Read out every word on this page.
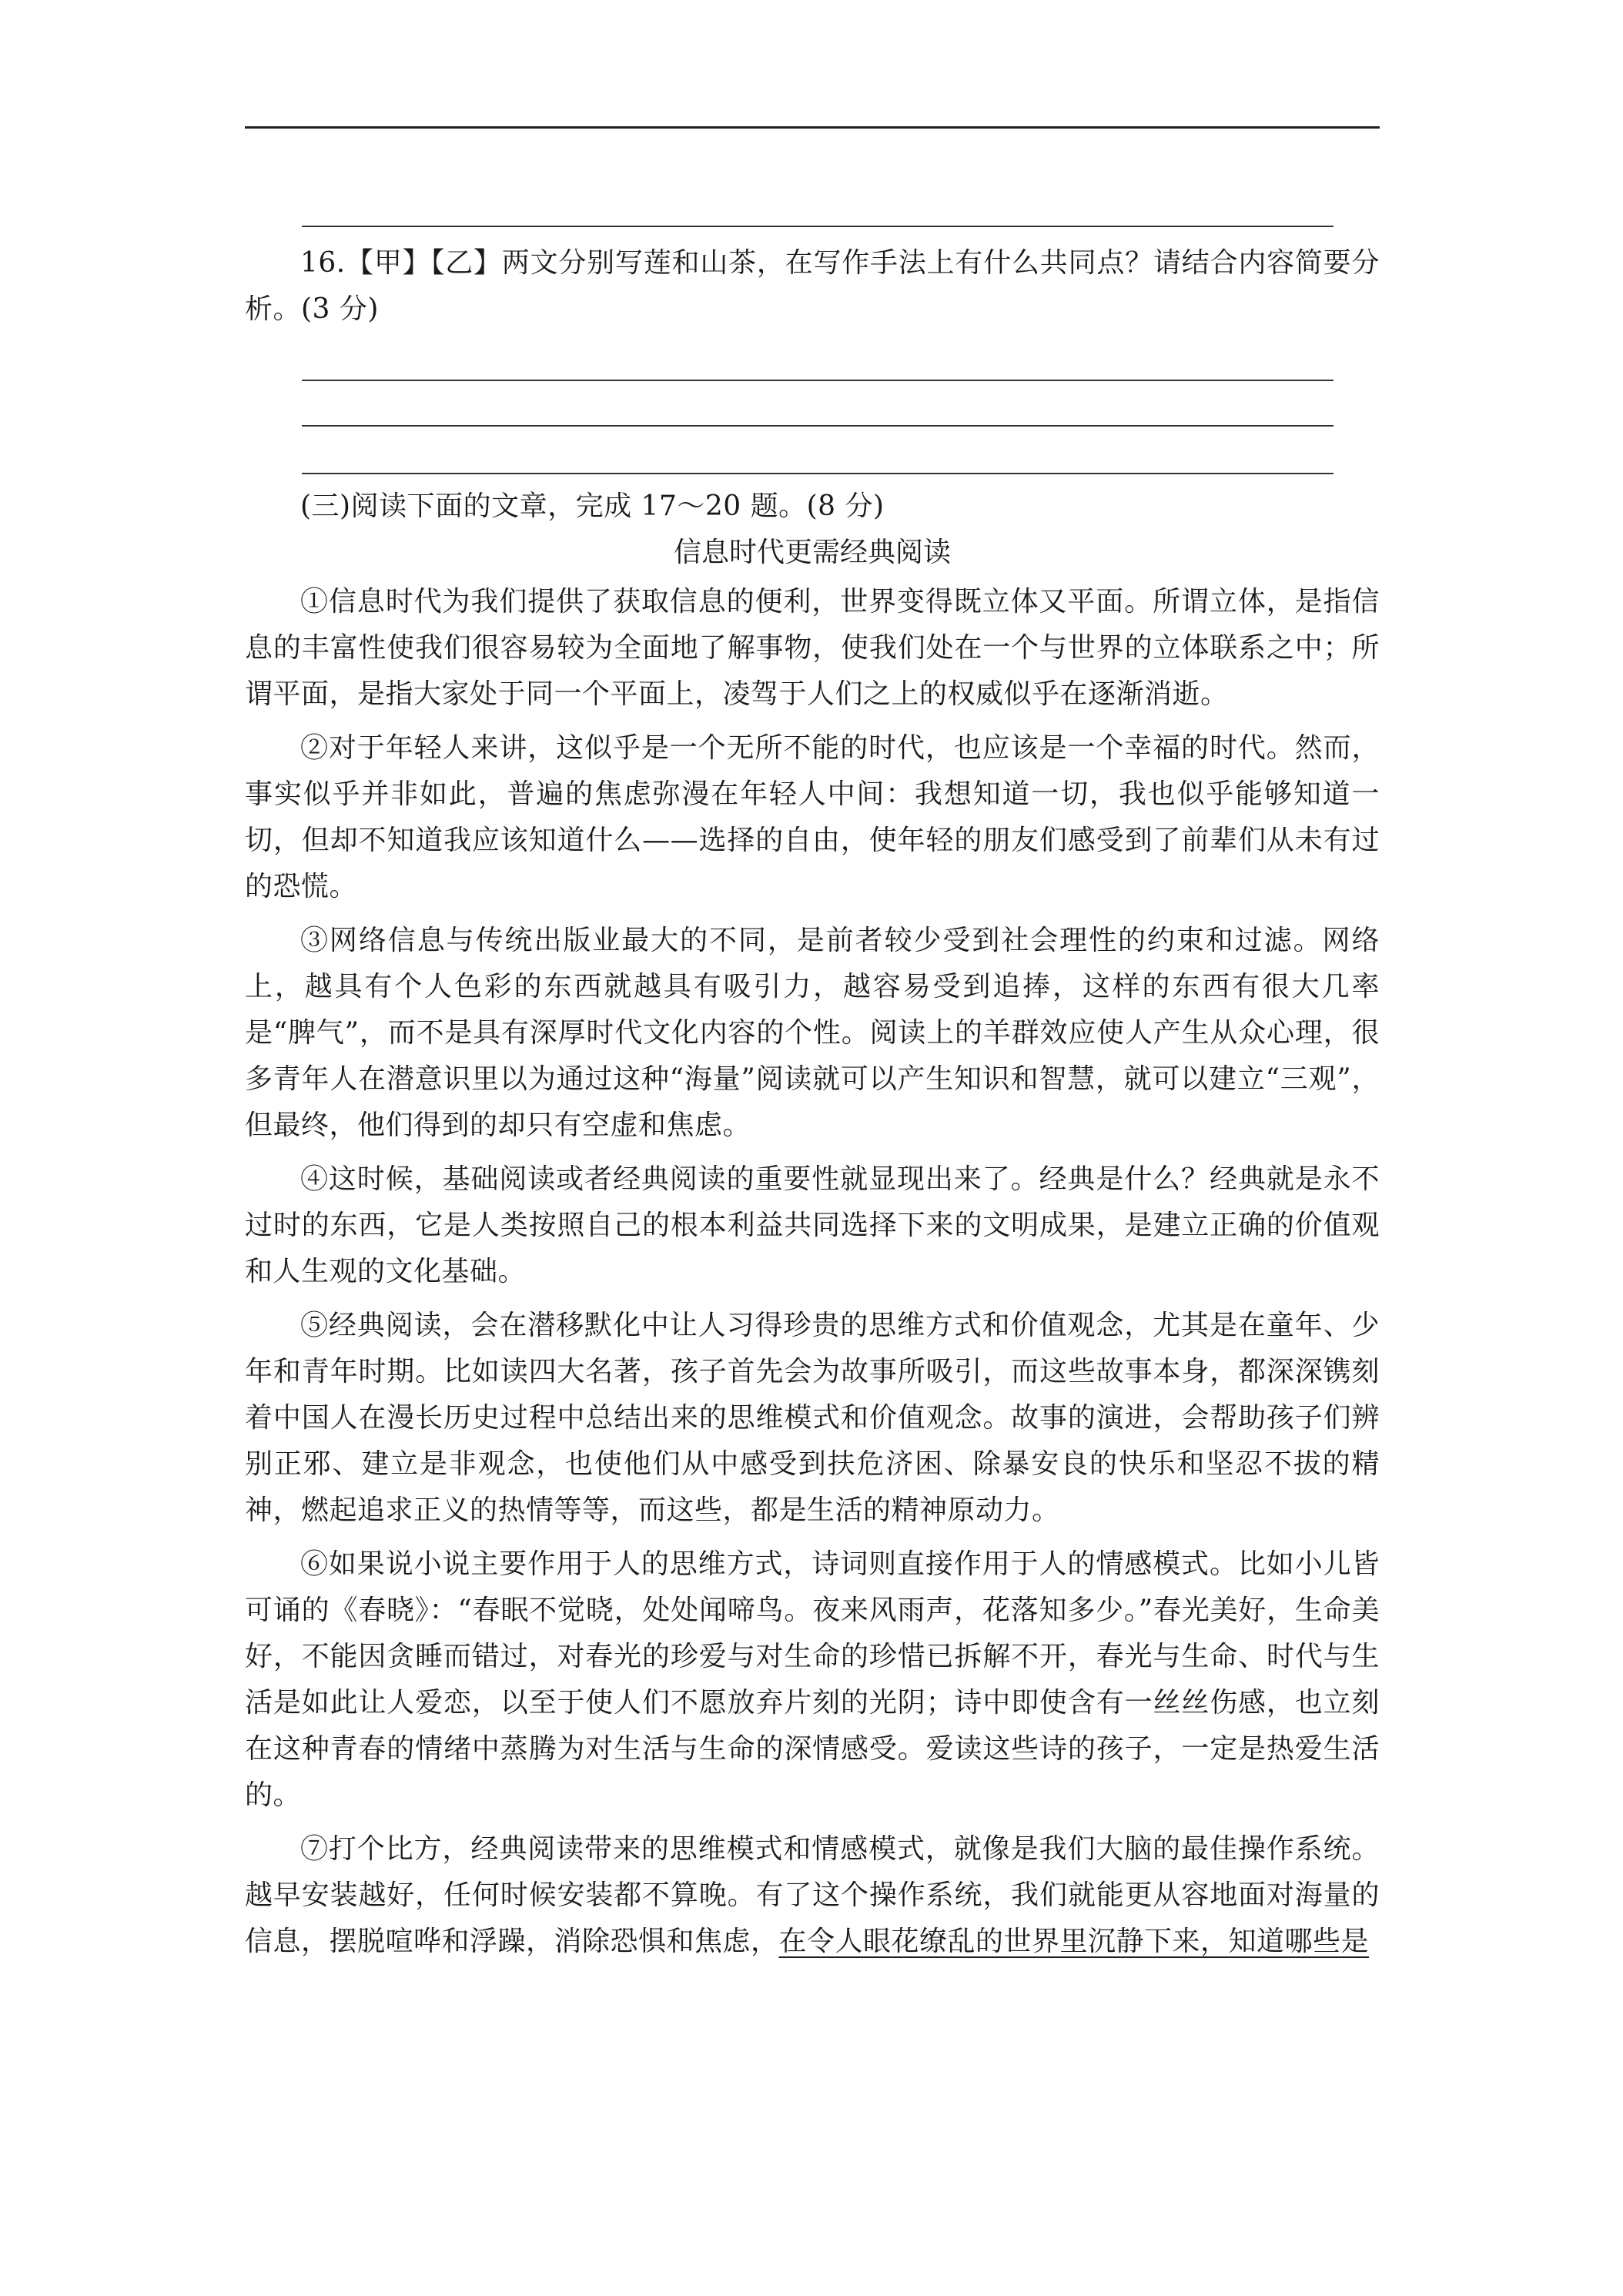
16.【甲】【乙】两文分别写莲和山茶，在写作手法上有什么共同点？请结合内容简要分析。(3 分)

(三)阅读下面的文章，完成 17～20 题。(8 分)

信息时代更需经典阅读

①信息时代为我们提供了获取信息的便利，世界变得既立体又平面。所谓立体，是指信息的丰富性使我们很容易较为全面地了解事物，使我们处在一个与世界的立体联系之中；所谓平面，是指大家处于同一个平面上，凌驾于人们之上的权威似乎在逐渐消逝。

②对于年轻人来讲，这似乎是一个无所不能的时代，也应该是一个幸福的时代。然而，事实似乎并非如此，普遍的焦虑弥漫在年轻人中间：我想知道一切，我也似乎能够知道一切，但却不知道我应该知道什么——选择的自由，使年轻的朋友们感受到了前辈们从未有过的恐慌。

③网络信息与传统出版业最大的不同，是前者较少受到社会理性的约束和过滤。网络上，越具有个人色彩的东西就越具有吸引力，越容易受到追捧，这样的东西有很大几率是“脾气”，而不是具有深厚时代文化内容的个性。阅读上的羊群效应使人产生从众心理，很多青年人在潜意识里以为通过这种“海量”阅读就可以产生知识和智慧，就可以建立“三观”，但最终，他们得到的却只有空虚和焦虑。

④这时候，基础阅读或者经典阅读的重要性就显现出来了。经典是什么？经典就是永不过时的东西，它是人类按照自己的根本利益共同选择下来的文明成果，是建立正确的价值观和人生观的文化基础。

⑤经典阅读，会在潜移默化中让人习得珍贵的思维方式和价值观念，尤其是在童年、少年和青年时期。比如读四大名著，孩子首先会为故事所吸引，而这些故事本身，都深深镌刻着中国人在漫长历史过程中总结出来的思维模式和价值观念。故事的演进，会帮助孩子们辨别正邪、建立是非观念，也使他们从中感受到扶危济困、除暴安良的快乐和坚忍不拔的精神，燃起追求正义的热情等等，而这些，都是生活的精神原动力。

⑥如果说小说主要作用于人的思维方式，诗词则直接作用于人的情感模式。比如小儿皆可诵的《春晓》：“春眠不觉晓，处处闻啼鸟。夜来风雨声，花落知多少。”春光美好，生命美好，不能因贪睡而错过，对春光的珍爱与对生命的珍惜已拆解不开，春光与生命、时代与生活是如此让人爱恋，以至于使人们不愿放弃片刻的光阴；诗中即使含有一丝丝伤感，也立刻在这种青春的情绪中蒸腾为对生活与生命的深情感受。爱读这些诗的孩子，一定是热爱生活的。

⑦打个比方，经典阅读带来的思维模式和情感模式，就像是我们大脑的最佳操作系统。越早安装越好，任何时候安装都不算晚。有了这个操作系统，我们就能更从容地面对海量的信息，摆脱喧哗和浮躁，消除恐惧和焦虑，在令人眼花缭乱的世界里沉静下来，知道哪些是
